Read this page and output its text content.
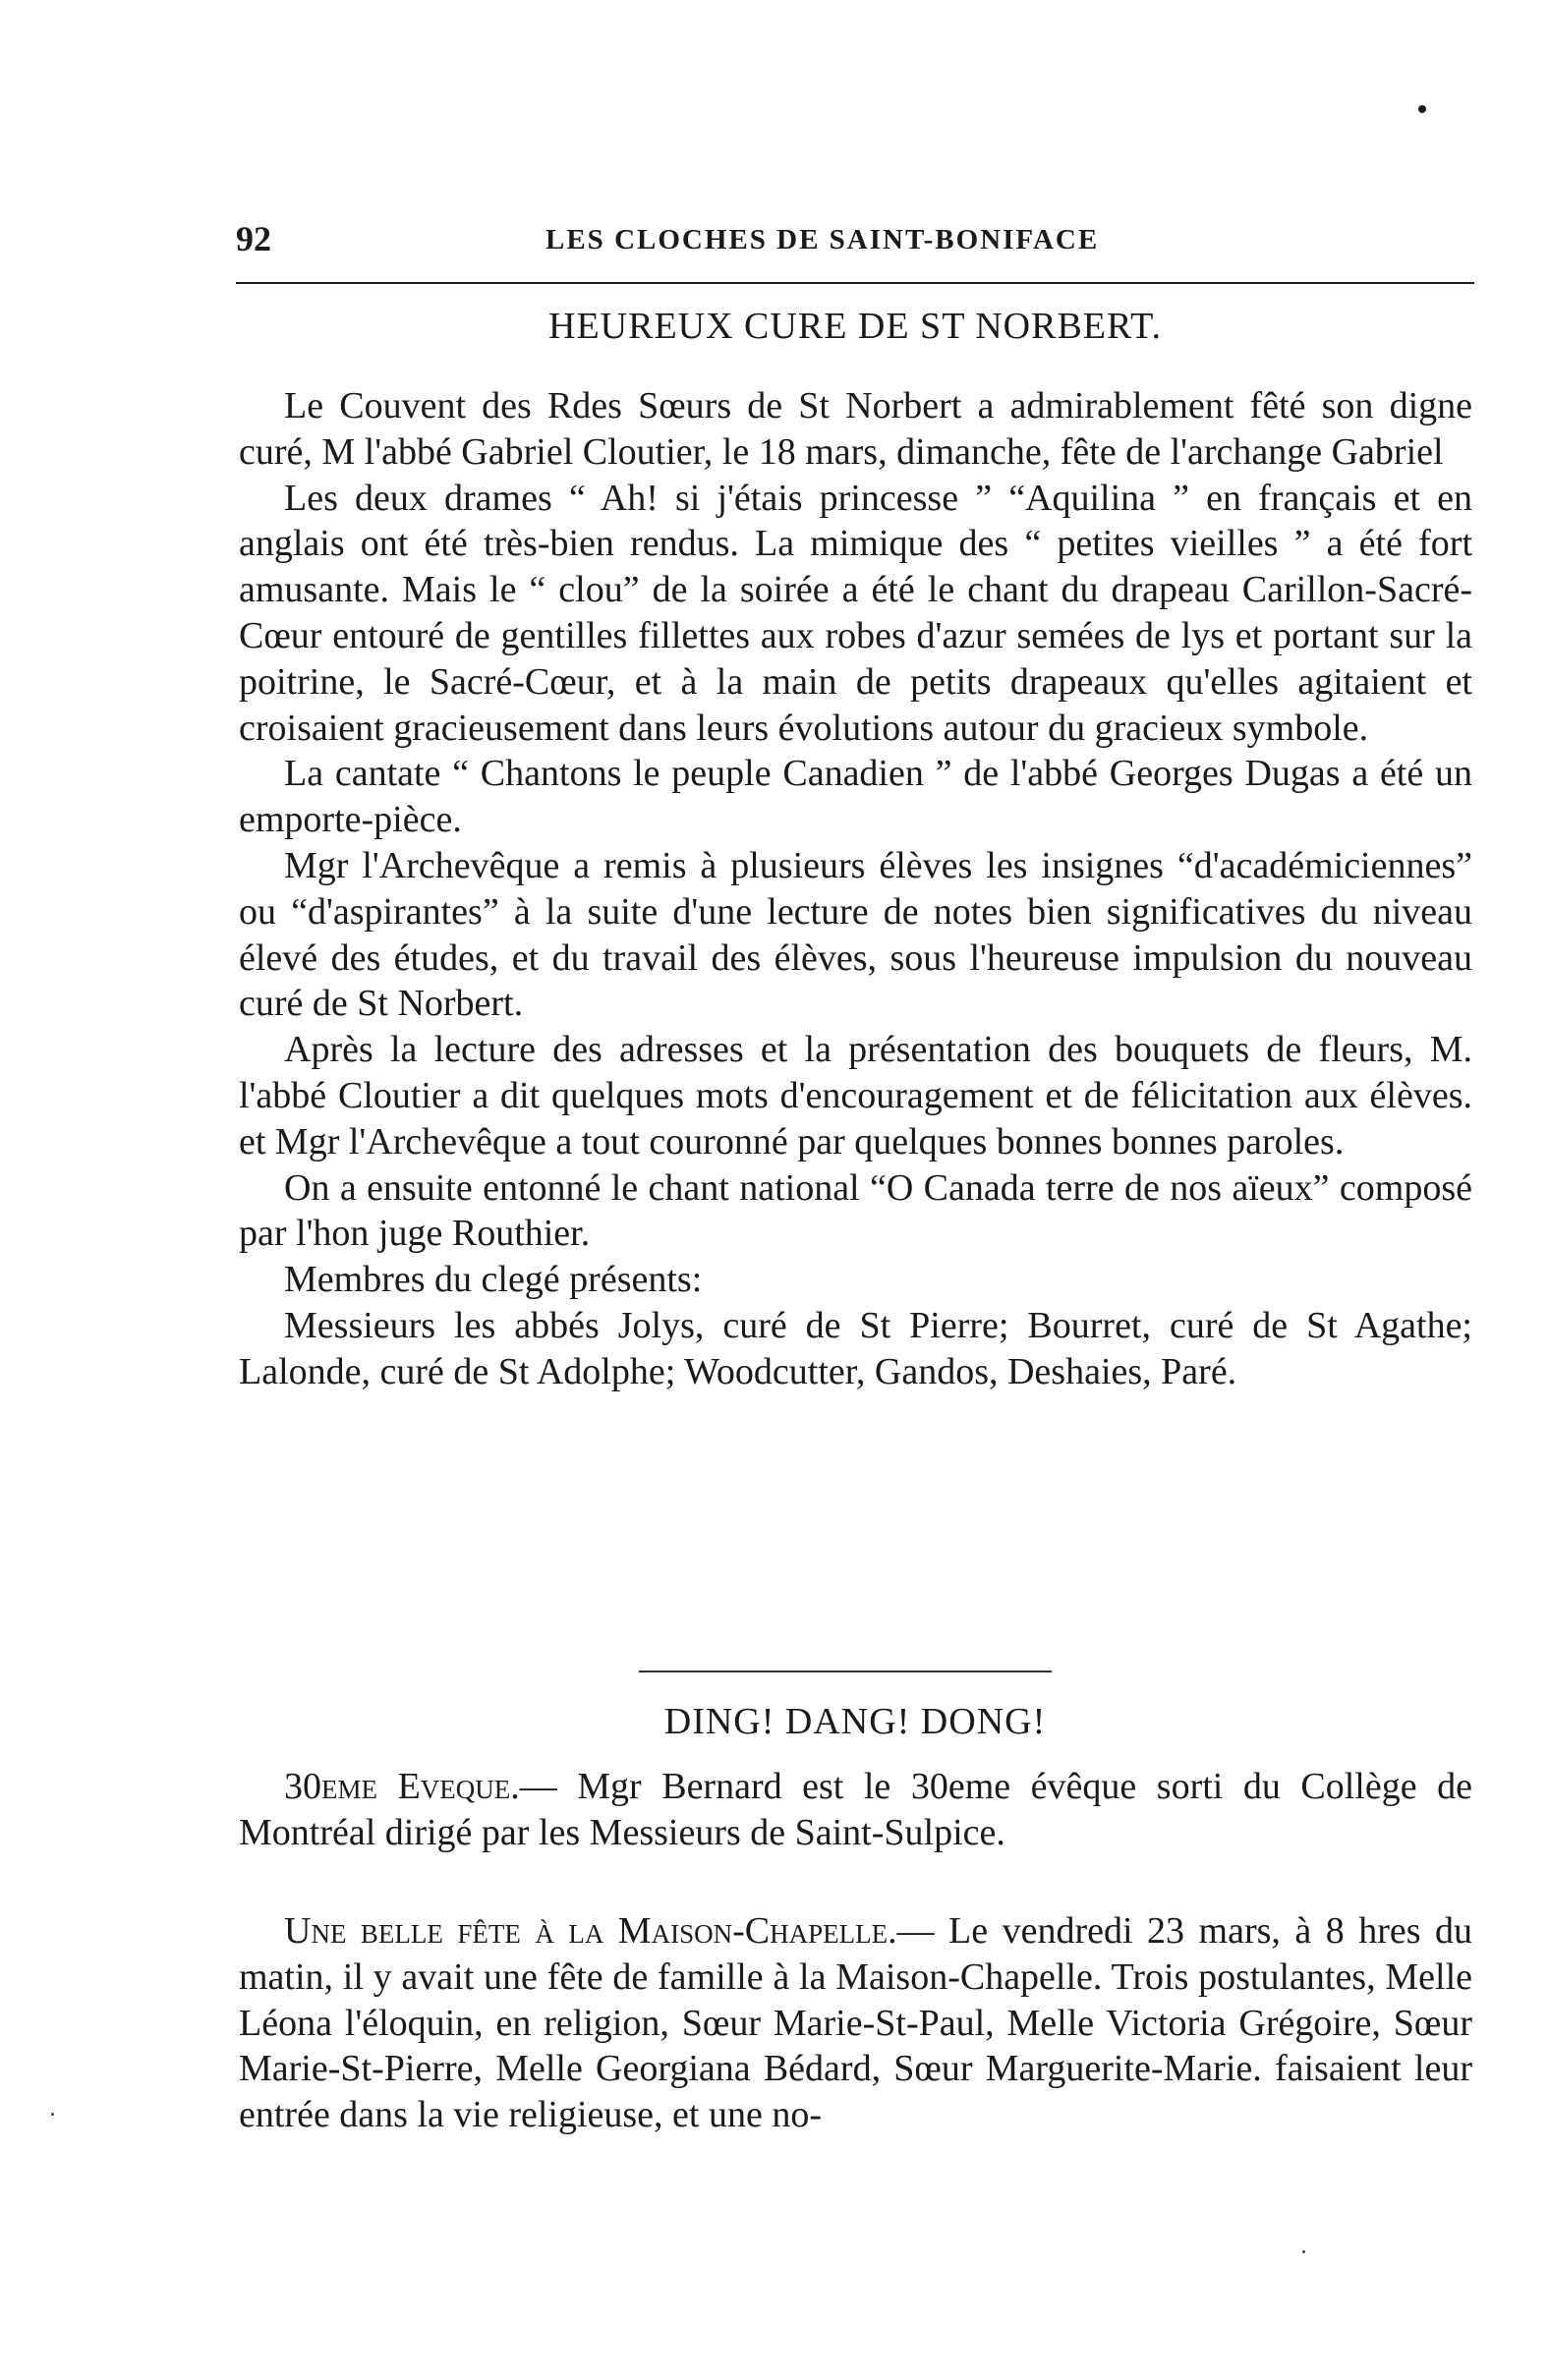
92	LES CLOCHES DE SAINT-BONIFACE
HEUREUX CURE DE ST NORBERT.

Le Couvent des Rdes Sœurs de St Norbert a admirablement fêté son digne curé, M l'abbé Gabriel Cloutier, le 18 mars, dimanche, fête de l'archange Gabriel

Les deux drames “ Ah! si j'étais princesse ” “Aquilina ” en français et en anglais ont été très-bien rendus. La mimique des “ petites vieilles ” a été fort amusante. Mais le “ clou” de la soirée a été le chant du drapeau Carillon-Sacré-Cœur entouré de gentilles fillettes aux robes d'azur semées de lys et portant sur la poitrine, le Sacré-Cœur, et à la main de petits drapeaux qu'elles agitaient et croisaient gracieusement dans leurs évolutions autour du gracieux symbole.

La cantate “ Chantons le peuple Canadien ” de l'abbé Georges Dugas a été un emporte-pièce.

Mgr l'Archevêque a remis à plusieurs élèves les insignes “d'académiciennes” ou “d'aspirantes” à la suite d'une lecture de notes bien significatives du niveau élevé des études, et du travail des élèves, sous l'heureuse impulsion du nouveau curé de St Norbert.

Après la lecture des adresses et la présentation des bouquets de fleurs, M. l'abbé Cloutier a dit quelques mots d'encouragement et de félicitation aux élèves. et Mgr l'Archevêque a tout couronné par quelques bonnes bonnes paroles.

On a ensuite entonné le chant national “O Canada terre de nos aïeux” composé par l'hon juge Routhier.

Membres du clegé présents:

Messieurs les abbés Jolys, curé de St Pierre; Bourret, curé de St Agathe; Lalonde, curé de St Adolphe; Woodcutter, Gandos, Deshaies, Paré.

DING! DANG! DONG!

30eme Eveque.— Mgr Bernard est le 30eme évêque sorti du Collège de Montréal dirigé par les Messieurs de Saint-Sulpice.

Une belle fête à la Maison-Chapelle.— Le vendredi 23 mars, à 8 hres du matin, il y avait une fête de famille à la Maison-Chapelle. Trois postulantes, Melle Léona l'éloquin, en religion, Sœur Marie-St-Paul, Melle Victoria Grégoire, Sœur Marie-St-Pierre, Melle Georgiana Bédard, Sœur Marguerite-Marie. faisaient leur entrée dans la vie religieuse, et une no-
